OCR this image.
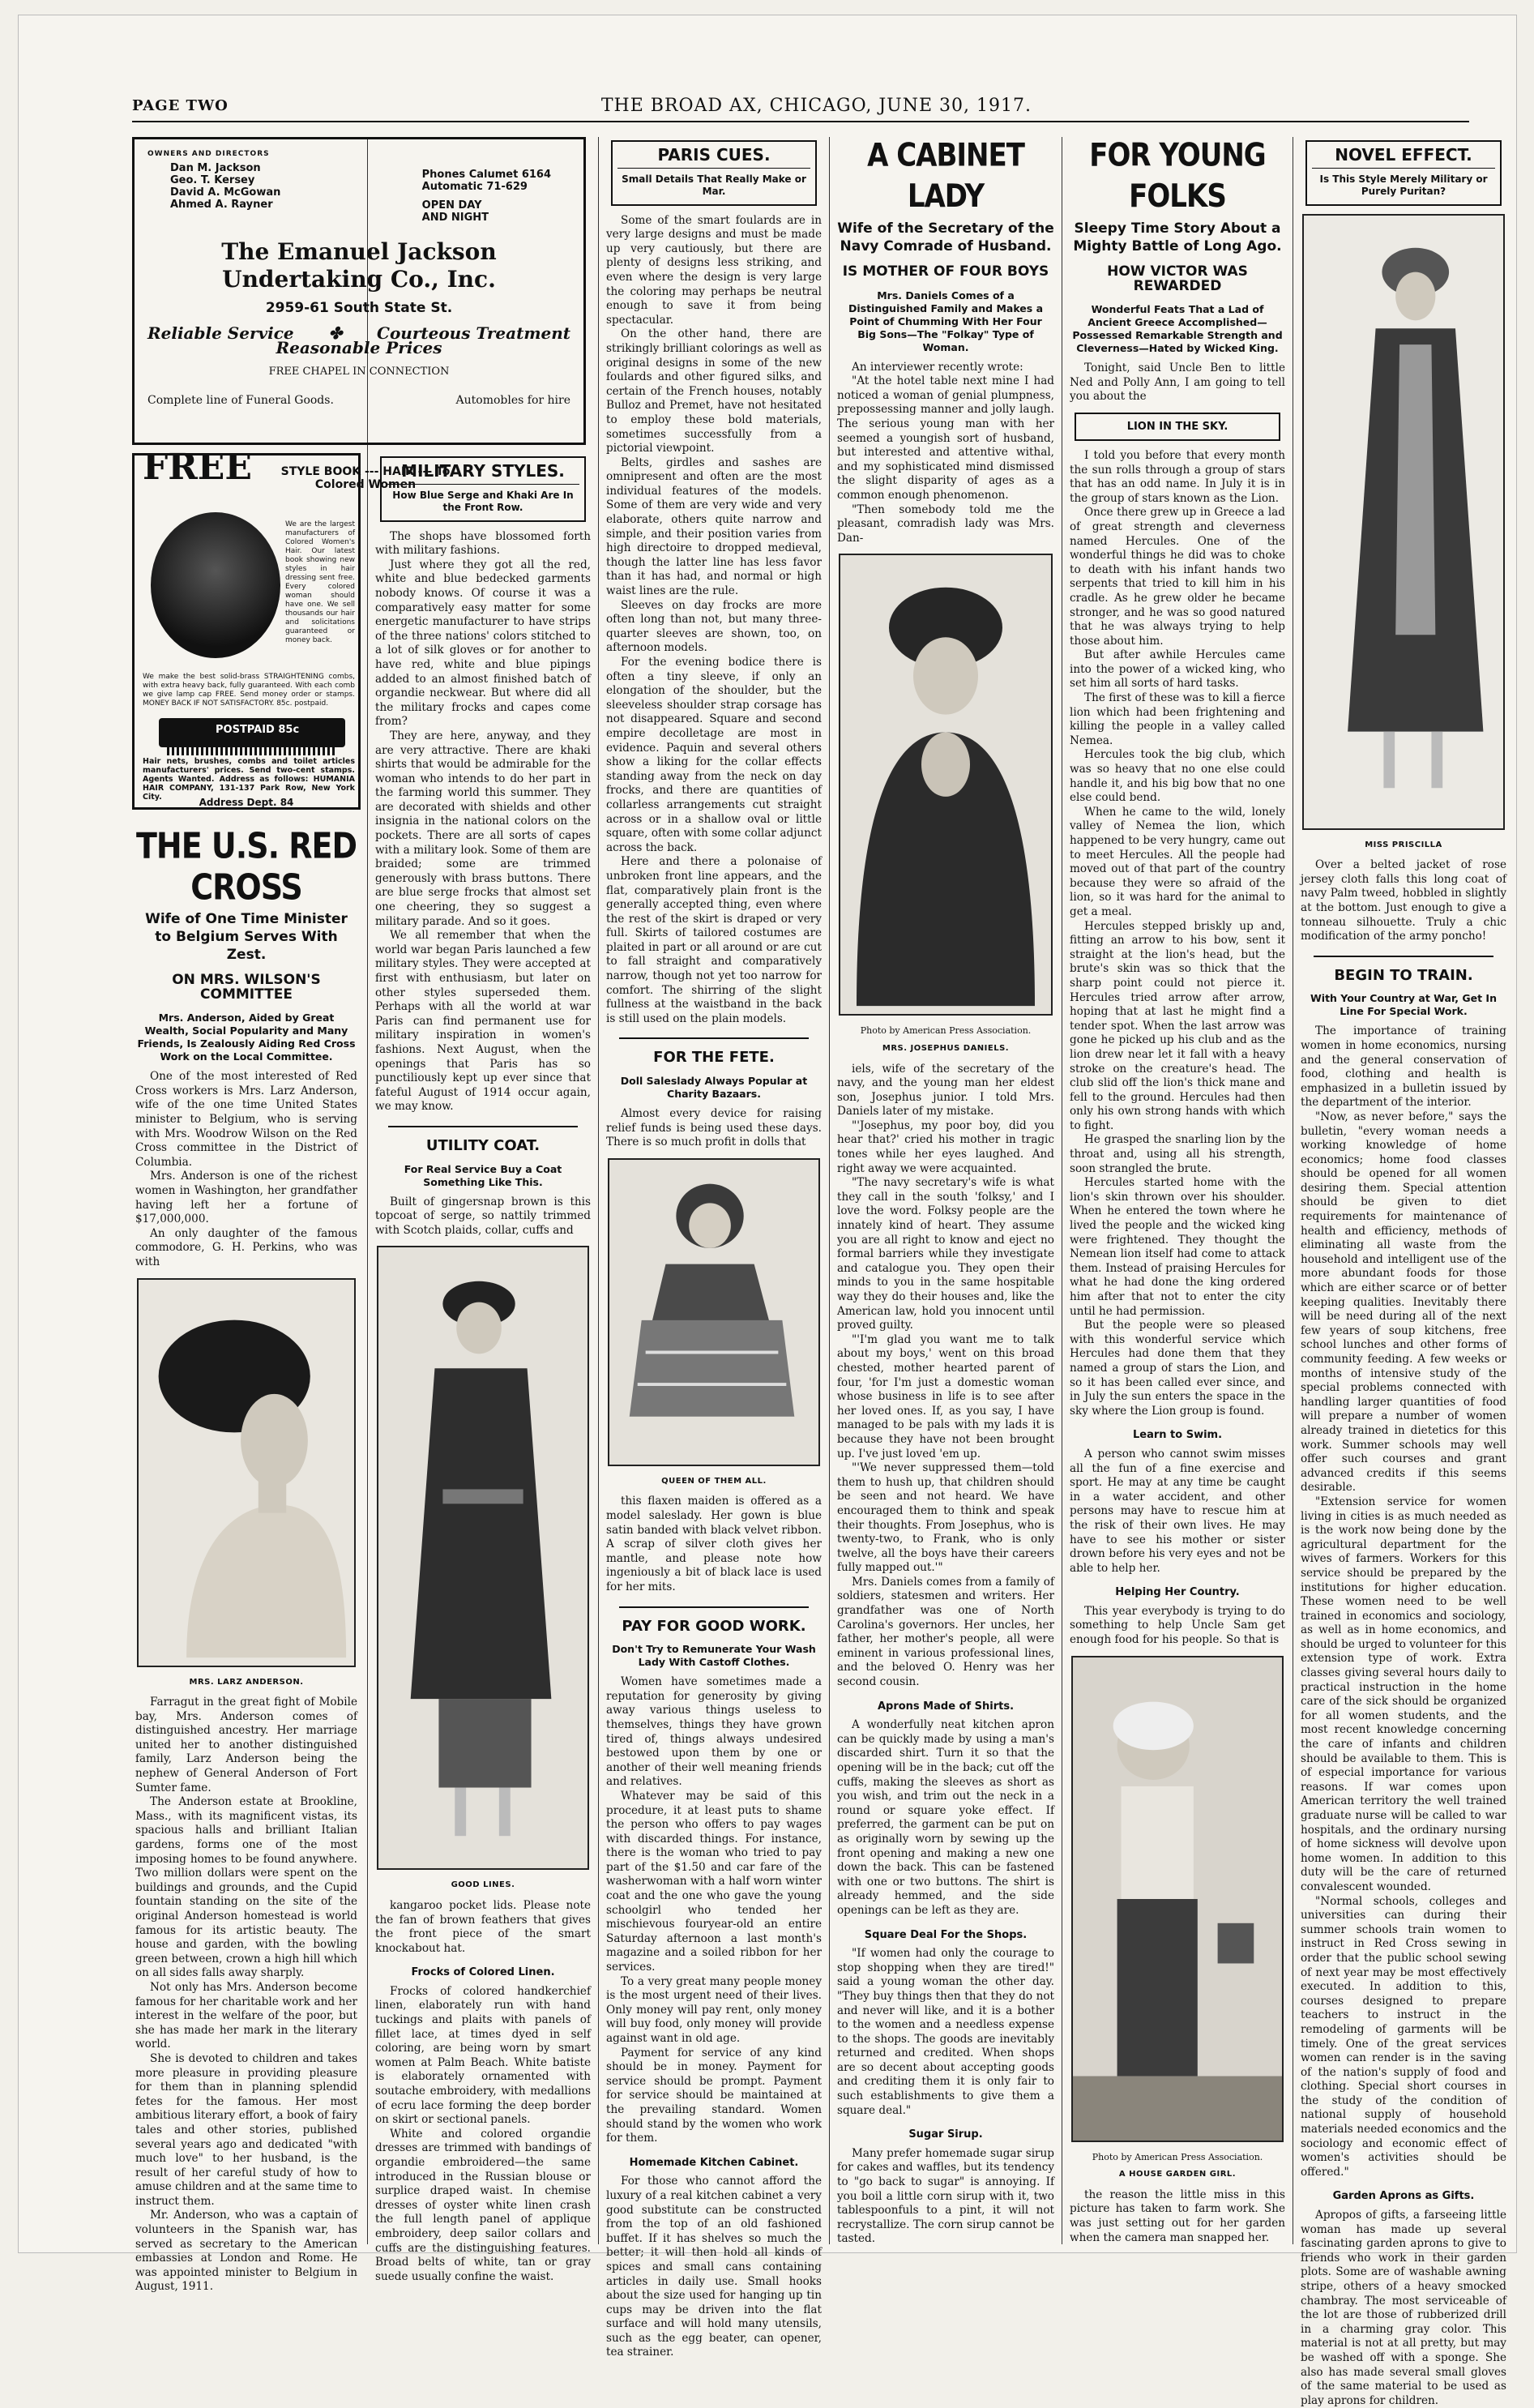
PAGE TWO	THE BROAD AX, CHICAGO, JUNE 30, 1917.
OWNERS AND DIRECTORS
Dan M. Jackson
Geo. T. Kersey
David A. McGowan
Ahmed A. Rayner
Phones Calumet 6164
Automatic 71-629
OPEN DAY
AND NIGHT
The Emanuel Jackson Undertaking Co., Inc.
2959-61 South State St.
Reliable Service ✤ Courteous Treatment
Reasonable Prices
FREE CHAPEL IN CONNECTION
Complete line of Funeral Goods.	Automobles for hire
FREE	STYLE BOOK --- HAIR --- To Colored Women
We are the largest manufacturers of Colored Women's Hair. Our latest book showing new styles in hair dressing sent free. Every colored woman should have one. We sell thousands our hair and solicitations guaranteed or money back.
We make the best solid-brass STRAIGHTENING combs, with extra heavy back, fully guaranteed. With each comb we give lamp cap FREE. Send money order or stamps. MONEY BACK IF NOT SATISFACTORY. 85c. postpaid.
POSTPAID 85c
Hair nets, brushes, combs and toilet articles manufacturers' prices. Send two-cent stamps. Agents Wanted. Address as follows: HUMANIA HAIR COMPANY, 131-137 Park Row, New York City.	Address Dept. 84
THE U.S. RED CROSS
Wife of One Time Minister to Belgium Serves With Zest.
ON MRS. WILSON'S COMMITTEE
Mrs. Anderson, Aided by Great Wealth, Social Popularity and Many Friends, Is Zealously Aiding Red Cross Work on the Local Committee.

One of the most interested of Red Cross workers is Mrs. Larz Anderson, wife of the one time United States minister to Belgium, who is serving with Mrs. Woodrow Wilson on the Red Cross committee in the District of Columbia.

Mrs. Anderson is one of the richest women in Washington, her grandfather having left her a fortune of $17,000,000.

An only daughter of the famous commodore, G. H. Perkins, who was with

MRS. LARZ ANDERSON.

Farragut in the great fight of Mobile bay, Mrs. Anderson comes of distinguished ancestry. Her marriage united her to another distinguished family, Larz Anderson being the nephew of General Anderson of Fort Sumter fame.

The Anderson estate at Brookline, Mass., with its magnificent vistas, its spacious halls and brilliant Italian gardens, forms one of the most imposing homes to be found anywhere. Two million dollars were spent on the buildings and grounds, and the Cupid fountain standing on the site of the original Anderson homestead is world famous for its artistic beauty. The house and garden, with the bowling green between, crown a high hill which on all sides falls away sharply.

Not only has Mrs. Anderson become famous for her charitable work and her interest in the welfare of the poor, but she has made her mark in the literary world.

She is devoted to children and takes more pleasure in providing pleasure for them than in planning splendid fetes for the famous. Her most ambitious literary effort, a book of fairy tales and other stories, published several years ago and dedicated "with much love" to her husband, is the result of her careful study of how to amuse children and at the same time to instruct them.

Mr. Anderson, who was a captain of volunteers in the Spanish war, has served as secretary to the American embassies at London and Rome. He was appointed minister to Belgium in August, 1911.

MILITARY STYLES.
How Blue Serge and Khaki Are In the Front Row.

The shops have blossomed forth with military fashions.

Just where they got all the red, white and blue bedecked garments nobody knows. Of course it was a comparatively easy matter for some energetic manufacturer to have strips of the three nations' colors stitched to a lot of silk gloves or for another to have red, white and blue pipings added to an almost finished batch of organdie neckwear. But where did all the military frocks and capes come from?

They are here, anyway, and they are very attractive. There are khaki shirts that would be admirable for the woman who intends to do her part in the farming world this summer. They are decorated with shields and other insignia in the national colors on the pockets. There are all sorts of capes with a military look. Some of them are braided; some are trimmed generously with brass buttons. There are blue serge frocks that almost set one cheering, they so suggest a military parade. And so it goes.

We all remember that when the world war began Paris launched a few military styles. They were accepted at first with enthusiasm, but later on other styles superseded them. Perhaps with all the world at war Paris can find permanent use for military inspiration in women's fashions. Next August, when the openings that Paris has so punctiliously kept up ever since that fateful August of 1914 occur again, we may know.

UTILITY COAT.
For Real Service Buy a Coat Something Like This.

Built of gingersnap brown is this topcoat of serge, so nattily trimmed with Scotch plaids, collar, cuffs and

GOOD LINES.

kangaroo pocket lids. Please note the fan of brown feathers that gives the front piece of the smart knockabout hat.

Frocks of Colored Linen.

Frocks of colored handkerchief linen, elaborately run with hand tuckings and plaits with panels of fillet lace, at times dyed in self coloring, are being worn by smart women at Palm Beach. White batiste is elaborately ornamented with soutache embroidery, with medallions of ecru lace forming the deep border on skirt or sectional panels.

White and colored organdie dresses are trimmed with bandings of organdie embroidered—the same introduced in the Russian blouse or surplice draped waist. In chemise dresses of oyster white linen crash the full length panel of applique embroidery, deep sailor collars and cuffs are the distinguishing features. Broad belts of white, tan or gray suede usually confine the waist.

PARIS CUES.
Small Details That Really Make or Mar.

Some of the smart foulards are in very large designs and must be made up very cautiously, but there are plenty of designs less striking, and even where the design is very large the coloring may perhaps be neutral enough to save it from being spectacular.

On the other hand, there are strikingly brilliant colorings as well as original designs in some of the new foulards and other figured silks, and certain of the French houses, notably Bulloz and Premet, have not hesitated to employ these bold materials, sometimes successfully from a pictorial viewpoint.

Belts, girdles and sashes are omnipresent and often are the most individual features of the models. Some of them are very wide and very elaborate, others quite narrow and simple, and their position varies from high directoire to dropped medieval, though the latter line has less favor than it has had, and normal or high waist lines are the rule.

Sleeves on day frocks are more often long than not, but many three-quarter sleeves are shown, too, on afternoon models.

For the evening bodice there is often a tiny sleeve, if only an elongation of the shoulder, but the sleeveless shoulder strap corsage has not disappeared. Square and second empire decolletage are most in evidence. Paquin and several others show a liking for the collar effects standing away from the neck on day frocks, and there are quantities of collarless arrangements cut straight across or in a shallow oval or little square, often with some collar adjunct across the back.

Here and there a polonaise of unbroken front line appears, and the flat, comparatively plain front is the generally accepted thing, even where the rest of the skirt is draped or very full. Skirts of tailored costumes are plaited in part or all around or are cut to fall straight and comparatively narrow, though not yet too narrow for comfort. The shirring of the slight fullness at the waistband in the back is still used on the plain models.

FOR THE FETE.
Doll Saleslady Always Popular at Charity Bazaars.

Almost every device for raising relief funds is being used these days. There is so much profit in dolls that

QUEEN OF THEM ALL.

this flaxen maiden is offered as a model saleslady. Her gown is blue satin banded with black velvet ribbon. A scrap of silver cloth gives her mantle, and please note how ingeniously a bit of black lace is used for her mits.

PAY FOR GOOD WORK.
Don't Try to Remunerate Your Wash Lady With Castoff Clothes.

Women have sometimes made a reputation for generosity by giving away various things useless to themselves, things they have grown tired of, things always undesired bestowed upon them by one or another of their well meaning friends and relatives.

Whatever may be said of this procedure, it at least puts to shame the person who offers to pay wages with discarded things. For instance, there is the woman who tried to pay part of the $1.50 and car fare of the washerwoman with a half worn winter coat and the one who gave the young schoolgirl who tended her mischievous fouryear-old an entire Saturday afternoon a last month's magazine and a soiled ribbon for her services.

To a very great many people money is the most urgent need of their lives. Only money will pay rent, only money will buy food, only money will provide against want in old age.

Payment for service of any kind should be in money. Payment for service should be prompt. Payment for service should be maintained at the prevailing standard. Women should stand by the women who work for them.

Homemade Kitchen Cabinet.

For those who cannot afford the luxury of a real kitchen cabinet a very good substitute can be constructed from the top of an old fashioned buffet. If it has shelves so much the better; it will then hold all kinds of spices and small cans containing articles in daily use. Small hooks about the size used for hanging up tin cups may be driven into the flat surface and will hold many utensils, such as the egg beater, can opener, tea strainer.

A CABINET LADY
Wife of the Secretary of the Navy Comrade of Husband.
IS MOTHER OF FOUR BOYS
Mrs. Daniels Comes of a Distinguished Family and Makes a Point of Chumming With Her Four Big Sons—The "Folkay" Type of Woman.

An interviewer recently wrote:

"At the hotel table next mine I had noticed a woman of genial plumpness, prepossessing manner and jolly laugh. The serious young man with her seemed a youngish sort of husband, but interested and attentive withal, and my sophisticated mind dismissed the slight disparity of ages as a common enough phenomenon.

"Then somebody told me the pleasant, comradish lady was Mrs. Dan-

Photo by American Press Association.
MRS. JOSEPHUS DANIELS.

iels, wife of the secretary of the navy, and the young man her eldest son, Josephus junior. I told Mrs. Daniels later of my mistake.

"'Josephus, my poor boy, did you hear that?' cried his mother in tragic tones while her eyes laughed. And right away we were acquainted.

"The navy secretary's wife is what they call in the south 'folksy,' and I love the word. Folksy people are the innately kind of heart. They assume you are all right to know and eject no formal barriers while they investigate and catalogue you. They open their minds to you in the same hospitable way they do their houses and, like the American law, hold you innocent until proved guilty.

"'I'm glad you want me to talk about my boys,' went on this broad chested, mother hearted parent of four, 'for I'm just a domestic woman whose business in life is to see after her loved ones. If, as you say, I have managed to be pals with my lads it is because they have not been brought up. I've just loved 'em up.

"'We never suppressed them—told them to hush up, that children should be seen and not heard. We have encouraged them to think and speak their thoughts. From Josephus, who is twenty-two, to Frank, who is only twelve, all the boys have their careers fully mapped out.'"

Mrs. Daniels comes from a family of soldiers, statesmen and writers. Her grandfather was one of North Carolina's governors. Her uncles, her father, her mother's people, all were eminent in various professional lines, and the beloved O. Henry was her second cousin.

Aprons Made of Shirts.

A wonderfully neat kitchen apron can be quickly made by using a man's discarded shirt. Turn it so that the opening will be in the back; cut off the cuffs, making the sleeves as short as you wish, and trim out the neck in a round or square yoke effect. If preferred, the garment can be put on as originally worn by sewing up the front opening and making a new one down the back. This can be fastened with one or two buttons. The shirt is already hemmed, and the side openings can be left as they are.

Square Deal For the Shops.

"If women had only the courage to stop shopping when they are tired!" said a young woman the other day. "They buy things then that they do not and never will like, and it is a bother to the women and a needless expense to the shops. The goods are inevitably returned and credited. When shops are so decent about accepting goods and crediting them it is only fair to such establishments to give them a square deal."

Sugar Sirup.

Many prefer homemade sugar sirup for cakes and waffles, but its tendency to "go back to sugar" is annoying. If you boil a little corn sirup with it, two tablespoonfuls to a pint, it will not recrystallize. The corn sirup cannot be tasted.

FOR YOUNG FOLKS
Sleepy Time Story About a Mighty Battle of Long Ago.
HOW VICTOR WAS REWARDED
Wonderful Feats That a Lad of Ancient Greece Accomplished—Possessed Remarkable Strength and Cleverness—Hated by Wicked King.

Tonight, said Uncle Ben to little Ned and Polly Ann, I am going to tell you about the

LION IN THE SKY.

I told you before that every month the sun rolls through a group of stars that has an odd name. In July it is in the group of stars known as the Lion.

Once there grew up in Greece a lad of great strength and cleverness named Hercules. One of the wonderful things he did was to choke to death with his infant hands two serpents that tried to kill him in his cradle. As he grew older he became stronger, and he was so good natured that he was always trying to help those about him.

But after awhile Hercules came into the power of a wicked king, who set him all sorts of hard tasks.

The first of these was to kill a fierce lion which had been frightening and killing the people in a valley called Nemea.

Hercules took the big club, which was so heavy that no one else could handle it, and his big bow that no one else could bend.

When he came to the wild, lonely valley of Nemea the lion, which happened to be very hungry, came out to meet Hercules. All the people had moved out of that part of the country because they were so afraid of the lion, so it was hard for the animal to get a meal.

Hercules stepped briskly up and, fitting an arrow to his bow, sent it straight at the lion's head, but the brute's skin was so thick that the sharp point could not pierce it. Hercules tried arrow after arrow, hoping that at last he might find a tender spot. When the last arrow was gone he picked up his club and as the lion drew near let it fall with a heavy stroke on the creature's head. The club slid off the lion's thick mane and fell to the ground. Hercules had then only his own strong hands with which to fight.

He grasped the snarling lion by the throat and, using all his strength, soon strangled the brute.

Hercules started home with the lion's skin thrown over his shoulder. When he entered the town where he lived the people and the wicked king were frightened. They thought the Nemean lion itself had come to attack them. Instead of praising Hercules for what he had done the king ordered him after that not to enter the city until he had permission.

But the people were so pleased with this wonderful service which Hercules had done them that they named a group of stars the Lion, and so it has been called ever since, and in July the sun enters the space in the sky where the Lion group is found.

Learn to Swim.

A person who cannot swim misses all the fun of a fine exercise and sport. He may at any time be caught in a water accident, and other persons may have to rescue him at the risk of their own lives. He may have to see his mother or sister drown before his very eyes and not be able to help her.

Helping Her Country.

This year everybody is trying to do something to help Uncle Sam get enough food for his people. So that is

Photo by American Press Association.
A HOUSE GARDEN GIRL.

the reason the little miss in this picture has taken to farm work. She was just setting out for her garden when the camera man snapped her.

NOVEL EFFECT.
Is This Style Merely Military or Purely Puritan?
MISS PRISCILLA

Over a belted jacket of rose jersey cloth falls this long coat of navy Palm tweed, hobbled in slightly at the bottom. Just enough to give a tonneau silhouette. Truly a chic modification of the army poncho!

BEGIN TO TRAIN.
With Your Country at War, Get In Line For Special Work.

The importance of training women in home economics, nursing and the general conservation of food, clothing and health is emphasized in a bulletin issued by the department of the interior.

"Now, as never before," says the bulletin, "every woman needs a working knowledge of home economics; home food classes should be opened for all women desiring them. Special attention should be given to diet requirements for maintenance of health and efficiency, methods of eliminating all waste from the household and intelligent use of the more abundant foods for those which are either scarce or of better keeping qualities. Inevitably there will be need during all of the next few years of soup kitchens, free school lunches and other forms of community feeding. A few weeks or months of intensive study of the special problems connected with handling larger quantities of food will prepare a number of women already trained in dietetics for this work. Summer schools may well offer such courses and grant advanced credits if this seems desirable.

"Extension service for women living in cities is as much needed as is the work now being done by the agricultural department for the wives of farmers. Workers for this service should be prepared by the institutions for higher education. These women need to be well trained in economics and sociology, as well as in home economics, and should be urged to volunteer for this extension type of work. Extra classes giving several hours daily to practical instruction in the home care of the sick should be organized for all women students, and the most recent knowledge concerning the care of infants and children should be available to them. This is of especial importance for various reasons. If war comes upon American territory the well trained graduate nurse will be called to war hospitals, and the ordinary nursing of home sickness will devolve upon home women. In addition to this duty will be the care of returned convalescent wounded.

"Normal schools, colleges and universities can during their summer schools train women to instruct in Red Cross sewing in order that the public school sewing of next year may be most effectively executed. In addition to this, courses designed to prepare teachers to instruct in the remodeling of garments will be timely. One of the great services women can render is in the saving of the nation's supply of food and clothing. Special short courses in the study of the condition of national supply of household materials needed economics and the sociology and economic effect of women's activities should be offered."

Garden Aprons as Gifts.

Apropos of gifts, a farseeing little woman has made up several fascinating garden aprons to give to friends who work in their garden plots. Some are of washable awning stripe, others of a heavy smocked chambray. The most serviceable of the lot are those of rubberized drill in a charming gray color. This material is not at all pretty, but may be washed off with a sponge. She also has made several small gloves of the same material to be used as play aprons for children.
